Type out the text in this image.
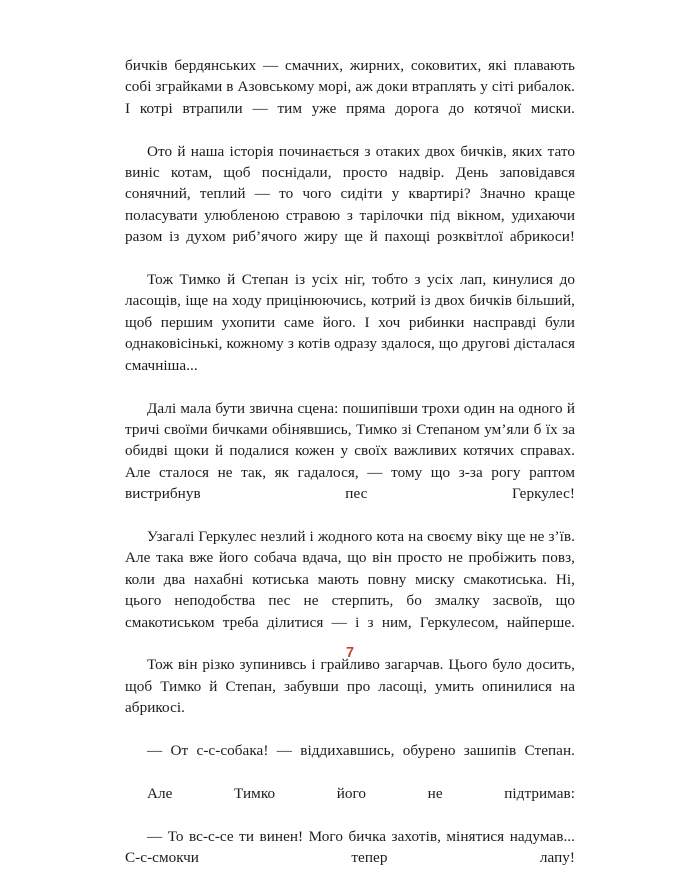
бичків бердянських — смачних, жирних, соковитих, які плавають собі зграйками в Азовському морі, аж доки втраплять у сіті рибалок. І котрі втрапили — тим уже пряма дорога до котячої миски.

Ото й наша історія починається з отаких двох бичків, яких тато виніс котам, щоб поснідали, просто надвір. День заповідався сонячний, теплий — то чого сидіти у квартирі? Значно краще поласувати улюбленою стравою з тарілочки під вікном, удихаючи разом із духом риб’ячого жиру ще й пахощі розквітлої абрикоси!

Тож Тимко й Степан із усіх ніг, тобто з усіх лап, кинулися до ласощів, іще на ходу прицінюючись, котрий із двох бичків більший, щоб першим ухопити саме його. І хоч рибинки насправді були однаковісінькі, кожному з котів одразу здалося, що другові дісталася смачніша...

Далі мала бути звична сцена: пошипівши трохи один на одного й тричі своїми бичками обінявшись, Тимко зі Степаном ум’яли б їх за обидві щоки й подалися кожен у своїх важливих котячих справах. Але сталося не так, як гадалося, — тому що з-за рогу раптом вистрибнув пес Геркулес!

Узагалі Геркулес незлий і жодного кота на своєму віку ще не з’їв. Але така вже його собача вдача, що він просто не пробіжить повз, коли два нахабні котиська мають повну миску смакотиська. Ні, цього неподобства пес не стерпить, бо змалку засвоїв, що смакотиськом треба ділитися — і з ним, Геркулесом, найперше.

Тож він різко зупинивсь і грайливо загарчав. Цього було досить, щоб Тимко й Степан, забувши про ласощі, умить опинилися на абрикосі.

— От с-с-собака! — віддихавшись, обурено зашипів Степан.

Але Тимко його не підтримав:

— То вс-с-се ти винен! Мого бичка захотів, мінятися надумав... С-с-смокчи тепер лапу!

7
